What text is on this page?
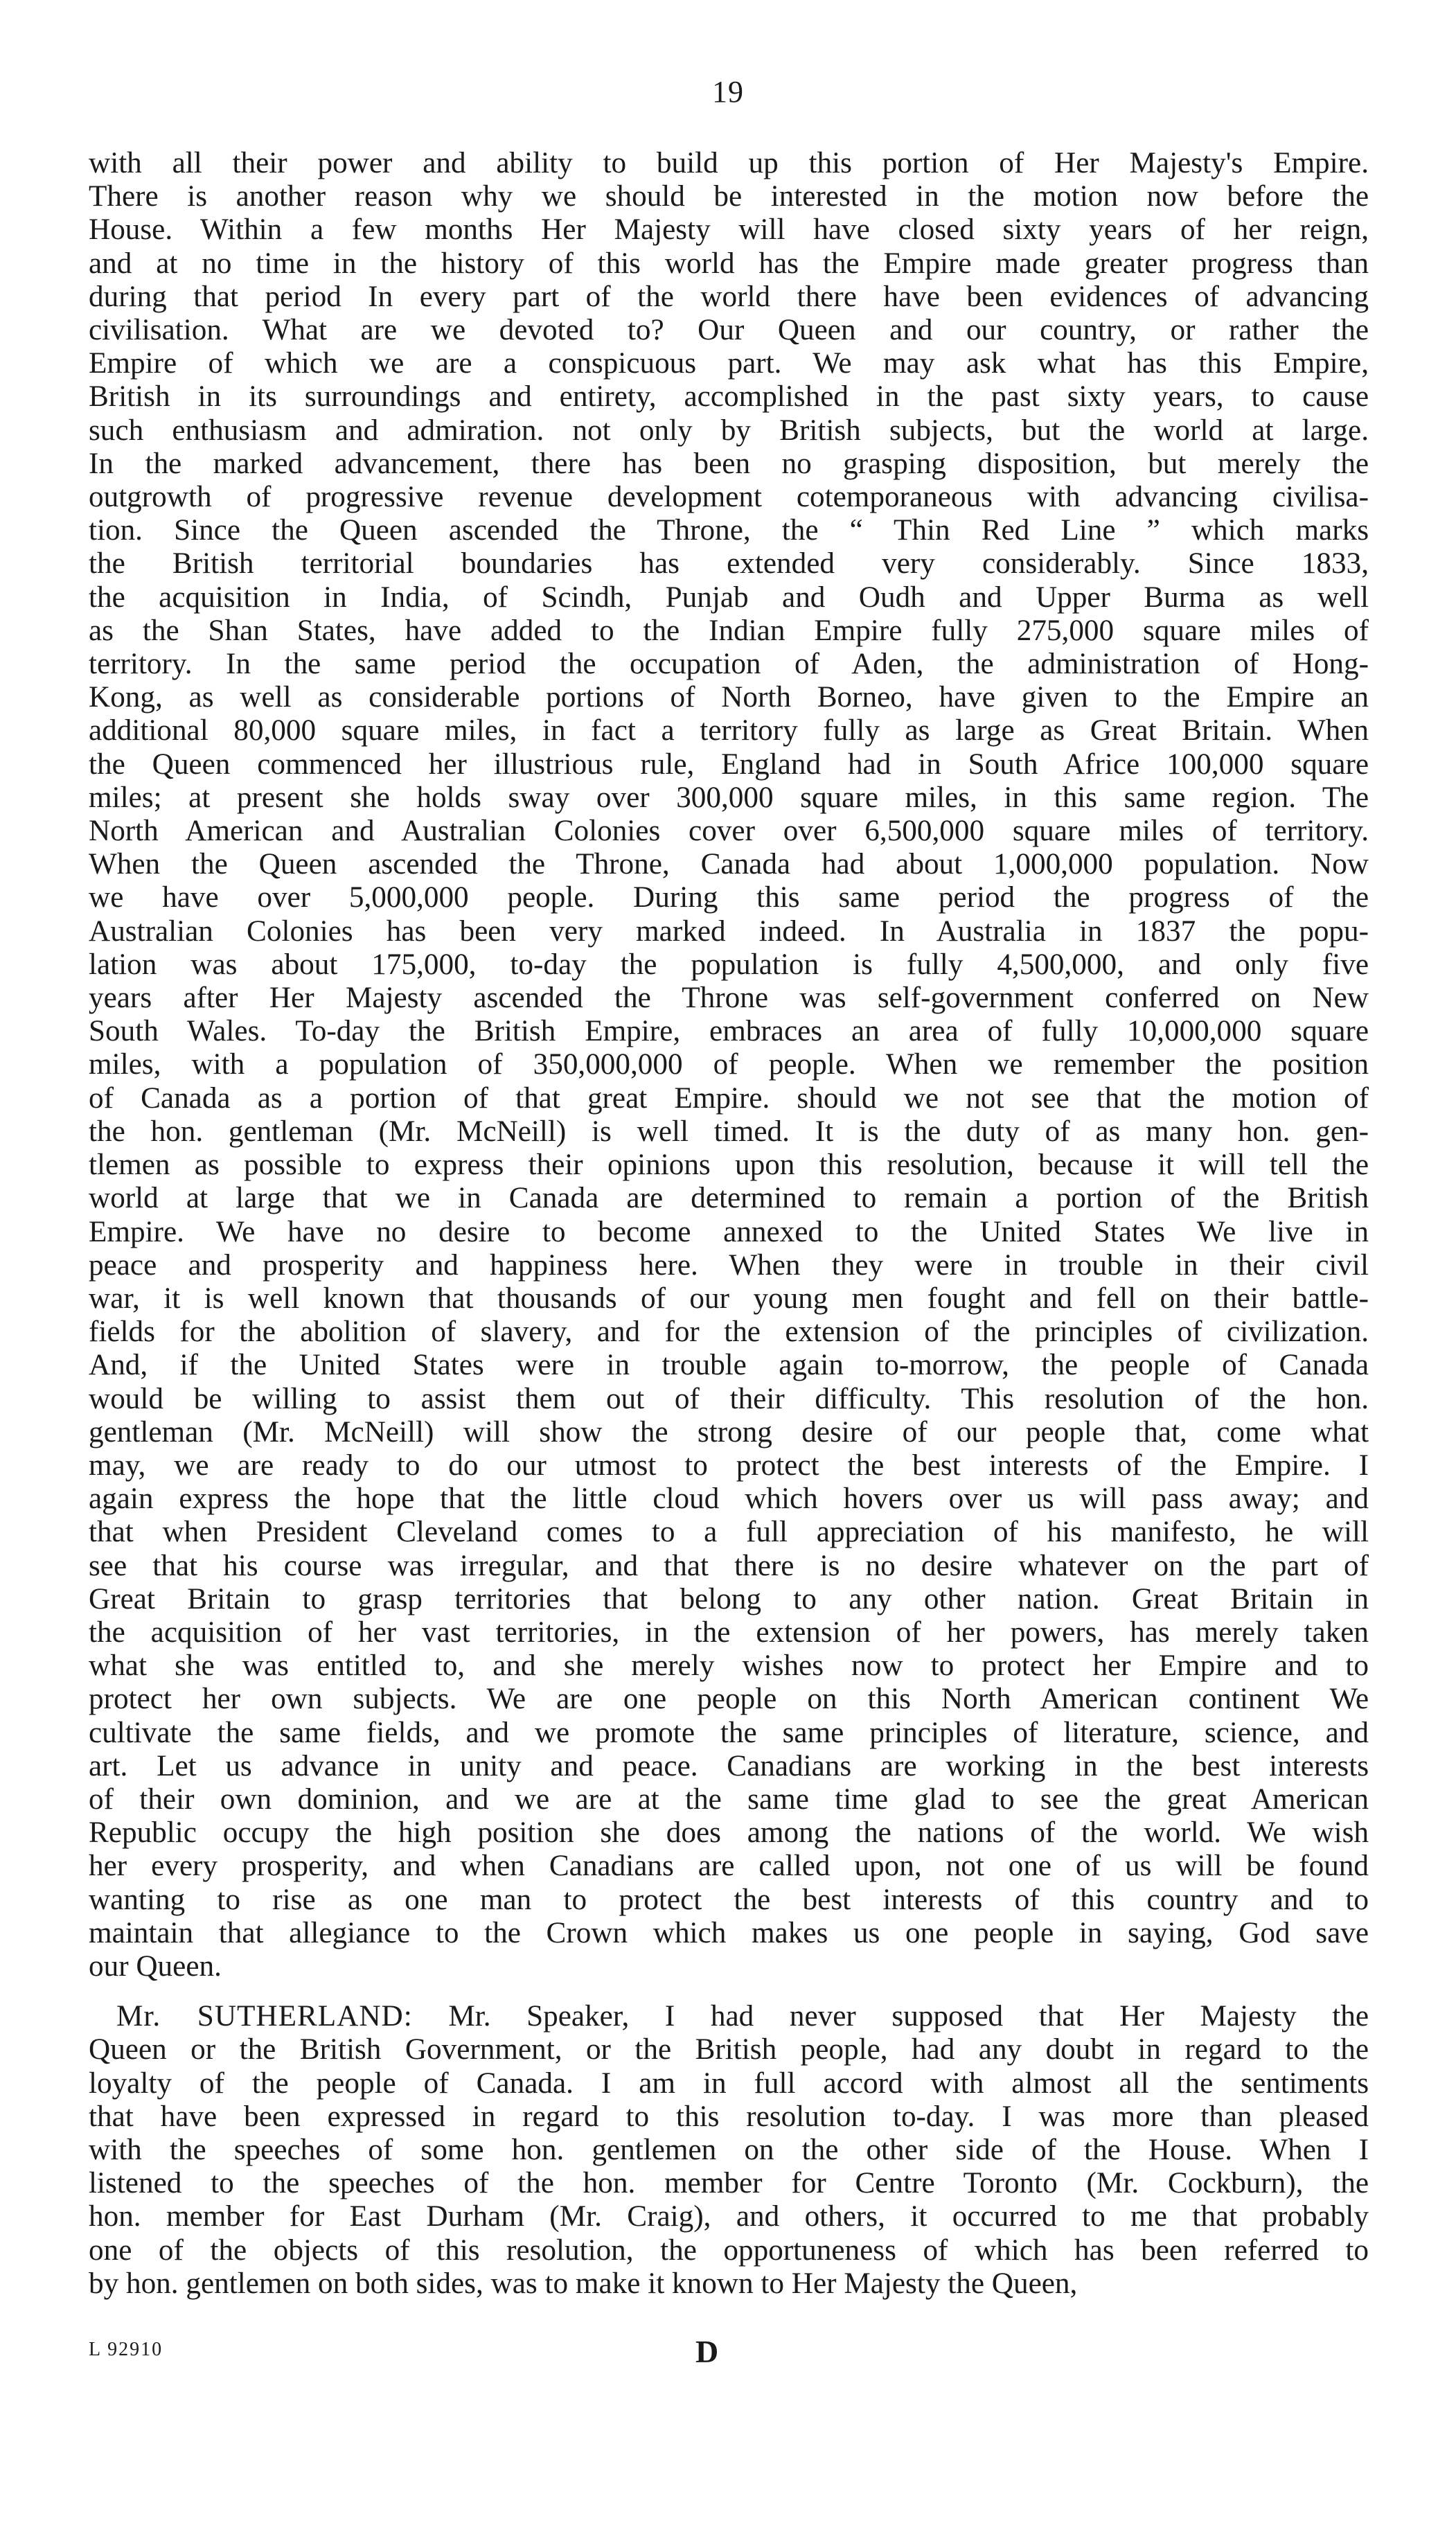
19
with all their power and ability to build up this portion of Her Majesty's Empire.
There is another reason why we should be interested in the motion now before the
House. Within a few months Her Majesty will have closed sixty years of her reign,
and at no time in the history of this world has the Empire made greater progress than
during that period In every part of the world there have been evidences of advancing
civilisation. What are we devoted to? Our Queen and our country, or rather the
Empire of which we are a conspicuous part. We may ask what has this Empire,
British in its surroundings and entirety, accomplished in the past sixty years, to cause
such enthusiasm and admiration. not only by British subjects, but the world at large.
In the marked advancement, there has been no grasping disposition, but merely the
outgrowth of progressive revenue development cotemporaneous with advancing civilisa-
tion. Since the Queen ascended the Throne, the “ Thin Red Line ” which marks
the British territorial boundaries has extended very considerably. Since 1833,
the acquisition in India, of Scindh, Punjab and Oudh and Upper Burma as well
as the Shan States, have added to the Indian Empire fully 275,000 square miles of
territory. In the same period the occupation of Aden, the administration of Hong-
Kong, as well as considerable portions of North Borneo, have given to the Empire an
additional 80,000 square miles, in fact a territory fully as large as Great Britain. When
the Queen commenced her illustrious rule, England had in South Africe 100,000 square
miles; at present she holds sway over 300,000 square miles, in this same region. The
North American and Australian Colonies cover over 6,500,000 square miles of territory.
When the Queen ascended the Throne, Canada had about 1,000,000 population. Now
we have over 5,000,000 people. During this same period the progress of the
Australian Colonies has been very marked indeed. In Australia in 1837 the popu-
lation was about 175,000, to-day the population is fully 4,500,000, and only five
years after Her Majesty ascended the Throne was self-government conferred on New
South Wales. To-day the British Empire, embraces an area of fully 10,000,000 square
miles, with a population of 350,000,000 of people. When we remember the position
of Canada as a portion of that great Empire. should we not see that the motion of
the hon. gentleman (Mr. McNeill) is well timed. It is the duty of as many hon. gen-
tlemen as possible to express their opinions upon this resolution, because it will tell the
world at large that we in Canada are determined to remain a portion of the British
Empire. We have no desire to become annexed to the United States We live in
peace and prosperity and happiness here. When they were in trouble in their civil
war, it is well known that thousands of our young men fought and fell on their battle-
fields for the abolition of slavery, and for the extension of the principles of civilization.
And, if the United States were in trouble again to-morrow, the people of Canada
would be willing to assist them out of their difficulty. This resolution of the hon.
gentleman (Mr. McNeill) will show the strong desire of our people that, come what
may, we are ready to do our utmost to protect the best interests of the Empire. I
again express the hope that the little cloud which hovers over us will pass away; and
that when President Cleveland comes to a full appreciation of his manifesto, he will
see that his course was irregular, and that there is no desire whatever on the part of
Great Britain to grasp territories that belong to any other nation. Great Britain in
the acquisition of her vast territories, in the extension of her powers, has merely taken
what she was entitled to, and she merely wishes now to protect her Empire and to
protect her own subjects. We are one people on this North American continent We
cultivate the same fields, and we promote the same principles of literature, science, and
art. Let us advance in unity and peace. Canadians are working in the best interests
of their own dominion, and we are at the same time glad to see the great American
Republic occupy the high position she does among the nations of the world. We wish
her every prosperity, and when Canadians are called upon, not one of us will be found
wanting to rise as one man to protect the best interests of this country and to
maintain that allegiance to the Crown which makes us one people in saying, God save
our Queen.
Mr. SUTHERLAND: Mr. Speaker, I had never supposed that Her Majesty the
Queen or the British Government, or the British people, had any doubt in regard to the
loyalty of the people of Canada. I am in full accord with almost all the sentiments
that have been expressed in regard to this resolution to-day. I was more than pleased
with the speeches of some hon. gentlemen on the other side of the House. When I
listened to the speeches of the hon. member for Centre Toronto (Mr. Cockburn), the
hon. member for East Durham (Mr. Craig), and others, it occurred to me that probably
one of the objects of this resolution, the opportuneness of which has been referred to
by hon. gentlemen on both sides, was to make it known to Her Majesty the Queen,
L 92910	D
